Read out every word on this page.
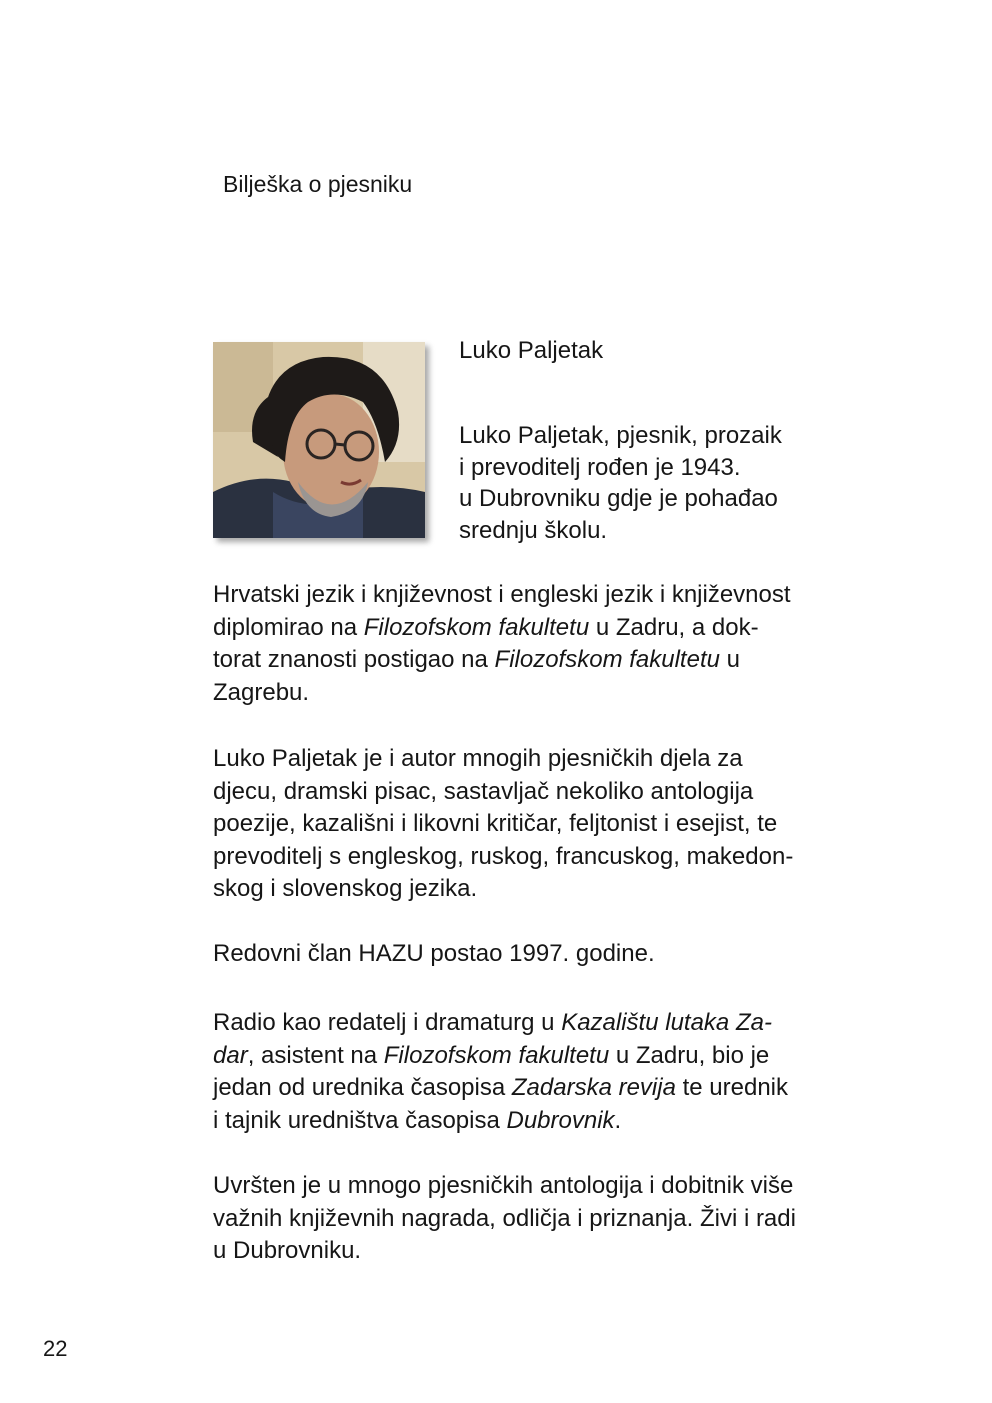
Bilješka o pjesniku
Luko Paljetak
Luko Paljetak, pjesnik, prozaik
i prevoditelj rođen je 1943.
u Dubrovniku gdje je pohađao
srednju školu.
Hrvatski jezik i književnost i engleski jezik i književnost
diplomirao na Filozofskom fakultetu u Zadru, a dok-
torat znanosti postigao na Filozofskom fakultetu u
Zagrebu.
Luko Paljetak je i autor mnogih pjesničkih djela za
djecu, dramski pisac, sastavljač nekoliko antologija
poezije, kazališni i likovni kritičar, feljtonist i esejist, te
prevoditelj s engleskog, ruskog, francuskog, makedon-
skog i slovenskog jezika.
Redovni član HAZU postao 1997. godine.
Radio kao redatelj i dramaturg u Kazalištu lutaka Za-
dar, asistent na Filozofskom fakultetu u Zadru, bio je
jedan od urednika časopisa Zadarska revija te urednik
i tajnik uredništva časopisa Dubrovnik.
Uvršten je u mnogo pjesničkih antologija i dobitnik više
važnih književnih nagrada, odličja i priznanja. Živi i radi
u Dubrovniku.
22
